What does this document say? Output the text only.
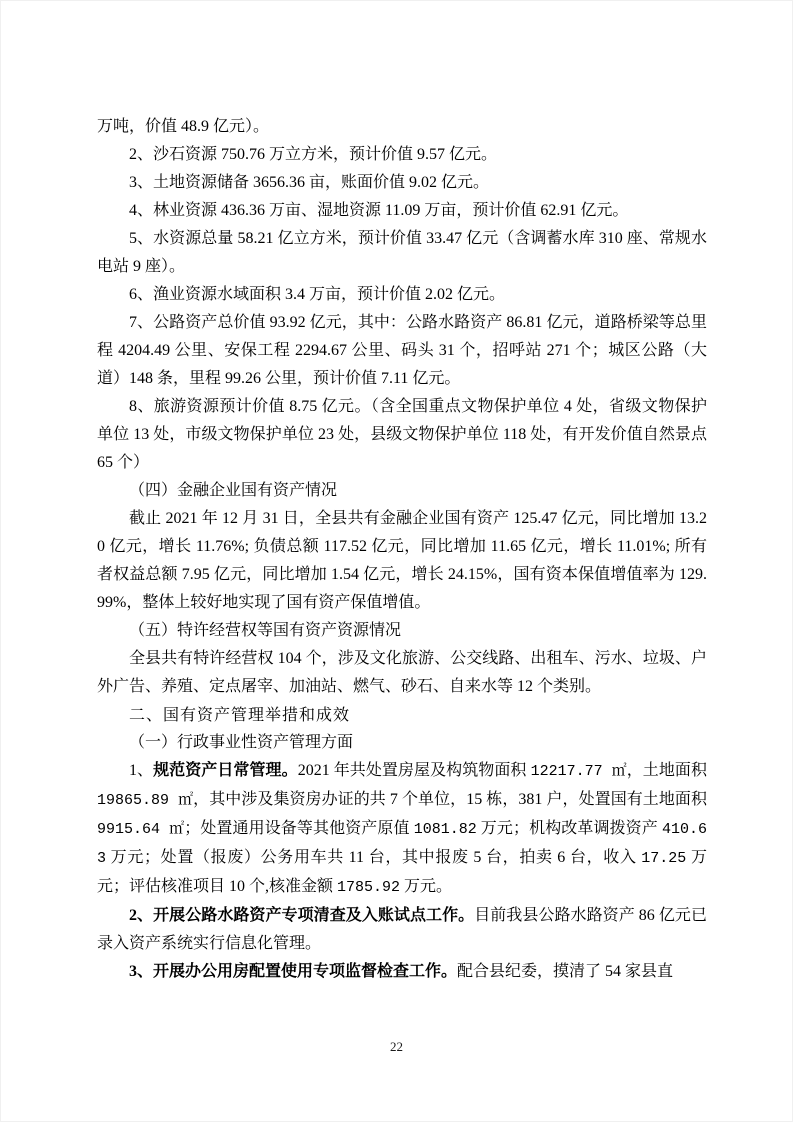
万吨，价值 48.9 亿元）。

2、沙石资源 750.76 万立方米，预计价值 9.57 亿元。

3、土地资源储备 3656.36 亩，账面价值 9.02 亿元。

4、林业资源 436.36 万亩、湿地资源 11.09 万亩，预计价值 62.91 亿元。

5、水资源总量 58.21 亿立方米，预计价值 33.47 亿元（含调蓄水库 310 座、常规水电站 9 座）。

6、渔业资源水域面积 3.4 万亩，预计价值 2.02 亿元。

7、公路资产总价值 93.92 亿元，其中：公路水路资产 86.81 亿元，道路桥梁等总里程 4204.49 公里、安保工程 2294.67 公里、码头 31 个，招呼站 271 个；城区公路（大道）148 条，里程 99.26 公里，预计价值 7.11 亿元。

8、旅游资源预计价值 8.75 亿元。（含全国重点文物保护单位 4 处，省级文物保护单位 13 处，市级文物保护单位 23 处，县级文物保护单位 118 处，有开发价值自然景点 65 个）

（四）金融企业国有资产情况

截止 2021 年 12 月 31 日，全县共有金融企业国有资产 125.47 亿元，同比增加 13.20 亿元，增长 11.76%; 负债总额 117.52 亿元，同比增加 11.65 亿元，增长 11.01%; 所有者权益总额 7.95 亿元，同比增加 1.54 亿元，增长 24.15%，国有资本保值增值率为 129.99%，整体上较好地实现了国有资产保值增值。

（五）特许经营权等国有资产资源情况

全县共有特许经营权 104 个，涉及文化旅游、公交线路、出租车、污水、垃圾、户外广告、养殖、定点屠宰、加油站、燃气、砂石、自来水等 12 个类别。

二、国有资产管理举措和成效

（一）行政事业性资产管理方面

1、规范资产日常管理。2021 年共处置房屋及构筑物面积 12217.77 ㎡，土地面积 19865.89 ㎡，其中涉及集资房办证的共 7 个单位，15 栋，381 户，处置国有土地面积 9915.64 ㎡；处置通用设备等其他资产原值 1081.82 万元；机构改革调拨资产 410.63 万元；处置（报废）公务用车共 11 台，其中报废 5 台，拍卖 6 台，收入 17.25 万元；评估核准项目 10 个,核准金额 1785.92 万元。

2、开展公路水路资产专项清查及入账试点工作。目前我县公路水路资产 86 亿元已录入资产系统实行信息化管理。

3、开展办公用房配置使用专项监督检查工作。配合县纪委，摸清了 54 家县直

22
